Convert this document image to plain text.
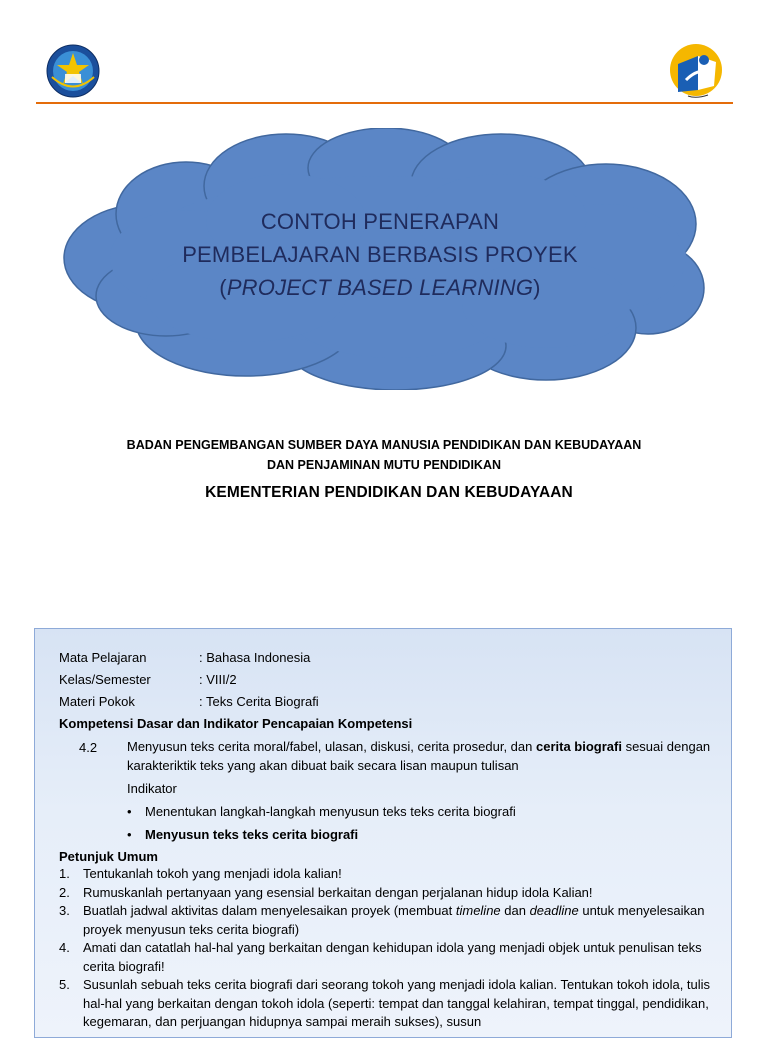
CONTOH PENERAPAN
PEMBELAJARAN BERBASIS PROYEK
(PROJECT BASED LEARNING)
BADAN PENGEMBANGAN SUMBER DAYA MANUSIA PENDIDIKAN DAN KEBUDAYAAN
DAN PENJAMINAN MUTU PENDIDIKAN
KEMENTERIAN PENDIDIKAN DAN KEBUDAYAAN
Mata Pelajaran	: Bahasa Indonesia
Kelas/Semester	: VIII/2
Materi Pokok	: Teks Cerita Biografi
Kompetensi Dasar dan Indikator Pencapaian Kompetensi
4.2	Menyusun teks cerita moral/fabel, ulasan, diskusi, cerita prosedur, dan cerita biografi sesuai dengan karakteriktik teks yang akan dibuat baik secara lisan maupun tulisan
Indikator
•	Menentukan langkah-langkah menyusun teks teks cerita biografi
•	Menyusun teks teks cerita biografi
Petunjuk Umum
1.	Tentukanlah tokoh yang menjadi idola kalian!
2.	Rumuskanlah pertanyaan yang esensial berkaitan dengan perjalanan hidup idola Kalian!
3.	Buatlah jadwal aktivitas dalam menyelesaikan proyek (membuat timeline dan deadline untuk menyelesaikan proyek menyusun teks cerita biografi)
4.	Amati dan catatlah hal-hal yang berkaitan dengan kehidupan idola yang menjadi objek untuk penulisan teks cerita biografi!
5.	Susunlah sebuah teks cerita biografi dari seorang tokoh yang menjadi idola kalian. Tentukan tokoh idola, tulis hal-hal yang berkaitan dengan tokoh idola (seperti: tempat dan tanggal kelahiran, tempat tinggal, pendidikan, kegemaran, dan perjuangan hidupnya sampai meraih sukses), susun
